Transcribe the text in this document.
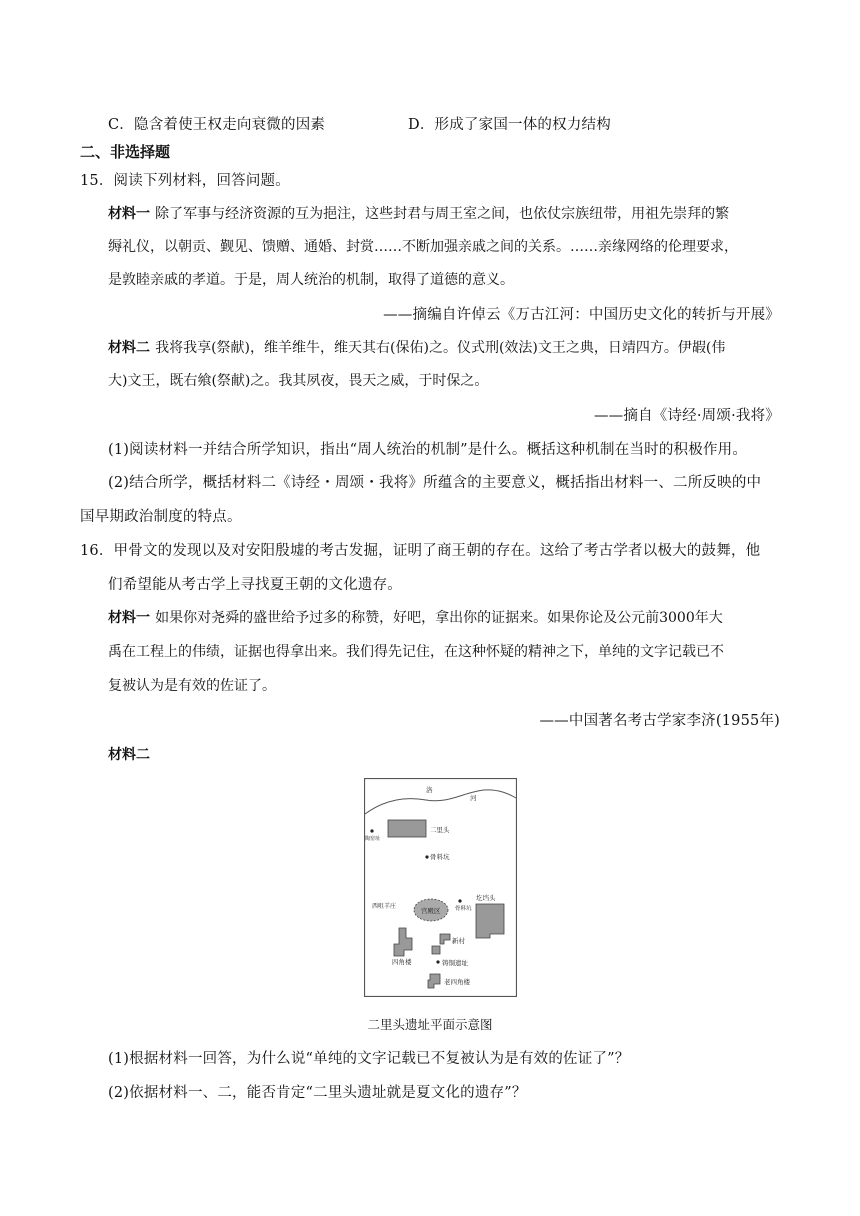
C．隐含着使王权走向衰微的因素	D．形成了家国一体的权力结构
二、非选择题
15．阅读下列材料，回答问题。
材料一 除了军事与经济资源的互为挹注，这些封君与周王室之间，也依仗宗族纽带，用祖先崇拜的繁
缛礼仪，以朝贡、觐见、馈赠、通婚、封赏……不断加强亲戚之间的关系。……亲缘网络的伦理要求，
是敦睦亲戚的孝道。于是，周人统治的机制，取得了道德的意义。
——摘编自许倬云《万古江河：中国历史文化的转折与开展》
材料二 我将我享(祭献)，维羊维牛，维天其右(保佑)之。仪式刑(效法)文王之典，日靖四方。伊嘏(伟
大)文王，既右飨(祭献)之。我其夙夜，畏天之威，于时保之。
——摘自《诗经·周颂·我将》
(1)阅读材料一并结合所学知识，指出“周人统治的机制”是什么。概括这种机制在当时的积极作用。
(2)结合所学，概括材料二《诗经・周颂・我将》所蕴含的主要意义，概括指出材料一、二所反映的中
国早期政治制度的特点。
16．甲骨文的发现以及对安阳殷墟的考古发掘，证明了商王朝的存在。这给了考古学者以极大的鼓舞，他
们希望能从考古学上寻找夏王朝的文化遗存。
材料一 如果你对尧舜的盛世给予过多的称赞，好吧，拿出你的证据来。如果你论及公元前3000年大
禹在工程上的伟绩，证据也得拿出来。我们得先记住，在这种怀疑的精神之下，单纯的文字记载已不
复被认为是有效的佐证了。
——中国著名考古学家李济(1955年)
材料二
洛
河
二里头
陶窑址
骨料坑
西咀羊庄
宫殿区	骨料坑
圪垱头
四角楼
新村
铸铜遗址
老四角楼
二里头遗址平面示意图
(1)根据材料一回答，为什么说“单纯的文字记载已不复被认为是有效的佐证了”？
(2)依据材料一、二，能否肯定“二里头遗址就是夏文化的遗存”？
